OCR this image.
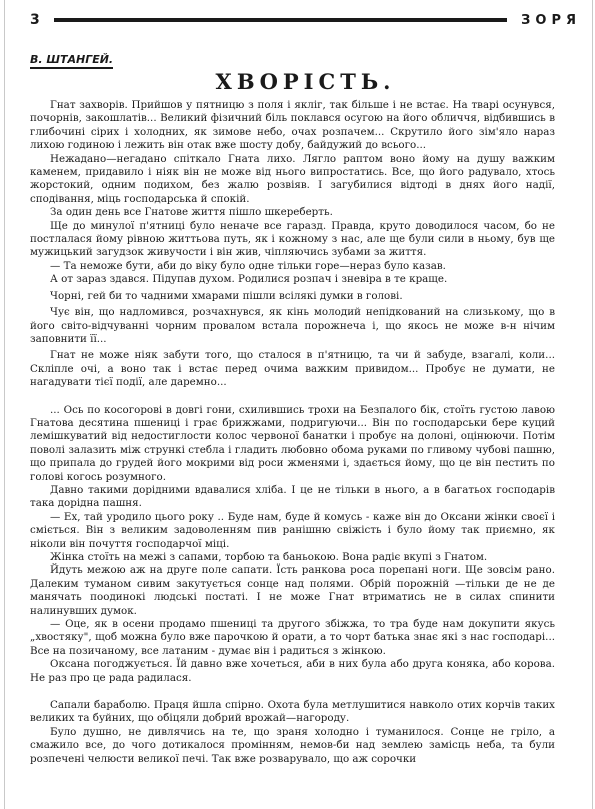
3	ЗОРЯ
В. ШТАНГЕЙ.
ХВОРІСТЬ.

Гнат захворів. Прийшов у пятницю з поля і якліг, так більше і не встає. На тварі осунувся, почорнів, закошлатів... Великий фізичний біль поклався осугою на його обличчя, відбившись в глибочині сірих і холодних, як зимове небо, очах розпачем... Скрутило його зім'яло нараз лихою годиною і лежить він отак вже шосту добу, байдужий до всього...

Нежадано—негадано спіткало Гната лихо. Лягло раптом воно йому на душу важким каменем, придавило і ніяк він не може від нього випростатись. Все, що його радувало, хтось жорстокий, одним подихом, без жалю розвіяв. І загубилися відтоді в днях його надії, сподівання, міць господарська й спокій.

За один день все Гнатове життя пішло шкереберть.

Ще до минулої п'ятниці було неначе все гаразд. Правда, круто доводилося часом, бо не постлалася йому рівною життьова путь, як і кожному з нас, але ще були сили в ньому, був ще мужицький загудзок живучости і він жив, чіпляючись зубами за життя.

— Та неможе бути, аби до віку було одне тільки горе—нераз було казав.

А от зараз здався. Підупав духом. Родилися розпач і зневіра в те краще.

Чорні, гей би то чадними хмарами пішли всілякі думки в голові.

Чує він, що надломився, розчахнувся, як кінь молодий непідкований на слизькому, що в його світо-відчуванні чорним провалом встала порожнеча і, що якось не може в-н нічим заповнити її...

Гнат не може ніяк забути того, що сталося в п'ятницю, та чи й забуде, взагалі, коли... Скліпле очі, а воно так і встає перед очима важким привидом... Пробує не думати, не нагадувати тієї події, але даремно...

... Ось по косогорові в довгі гони, схилившись трохи на Безпалого бік, стоїть густою лавою Гнатова десятина пшениці і грає брижжами, подригуючи... Він по господарськи бере куций лемішкуватий від недостиглости колос червоної банатки і пробує на долоні, оцінюючи. Потім поволі залазить між стрункі стебла і гладить любовно обома руками по гливому чубові пашню, що припала до грудей його мокрими від роси жменями і, здається йому, що це він пестить по голові когось розумного.

Давно такими дорідними вдавалися хліба. І це не тільки в нього, а в багатьох господарів така дорідна пашня.

— Ех, тай уродило цього року .. Буде нам, буде й комусь - каже він до Оксани жінки своєї і сміється. Він з великим задоволенням пив ранішню свіжість і було йому так приємно, як ніколи він почуття господарчої міці.

Жінка стоїть на межі з сапами, торбою та баньокою. Вона радіє вкупі з Гнатом.

Йдуть межою аж на друге поле сапати. Їсть ранкова роса порепані ноги. Ще зовсім рано. Далеким туманом сивим закутується сонце над полями. Обрій порожній —тільки де не де манячать поодинокі людські постаті. І не може Гнат втриматись не в силах спинити налинувших думок.

— Оце, як в осени продамо пшениці та другого збіжжа, то тра буде нам докупити якусь „хвостяку", щоб можна було вже парочкою й орати, а то чорт батька знає які з нас господарі... Все на позичаному, все латаним - думає він і радиться з жінкою.

Оксана погоджується. Їй давно вже хочеться, аби в них була або друга коняка, або корова. Не раз про це рада радилася.

Сапали бараболю. Праця йшла спірно. Охота була метлушитися навколо отих корчів таких великих та буйних, що обіцяли добрий врожай—нагороду.

Було душно, не дивлячись на те, що зраня холодно і туманилося. Сонце не гріло, а смажило все, до чого дотикалося промінням, немов-би над землею замісць неба, та були розпечені челюсти великої печі. Так вже розварувало, що аж сорочки
